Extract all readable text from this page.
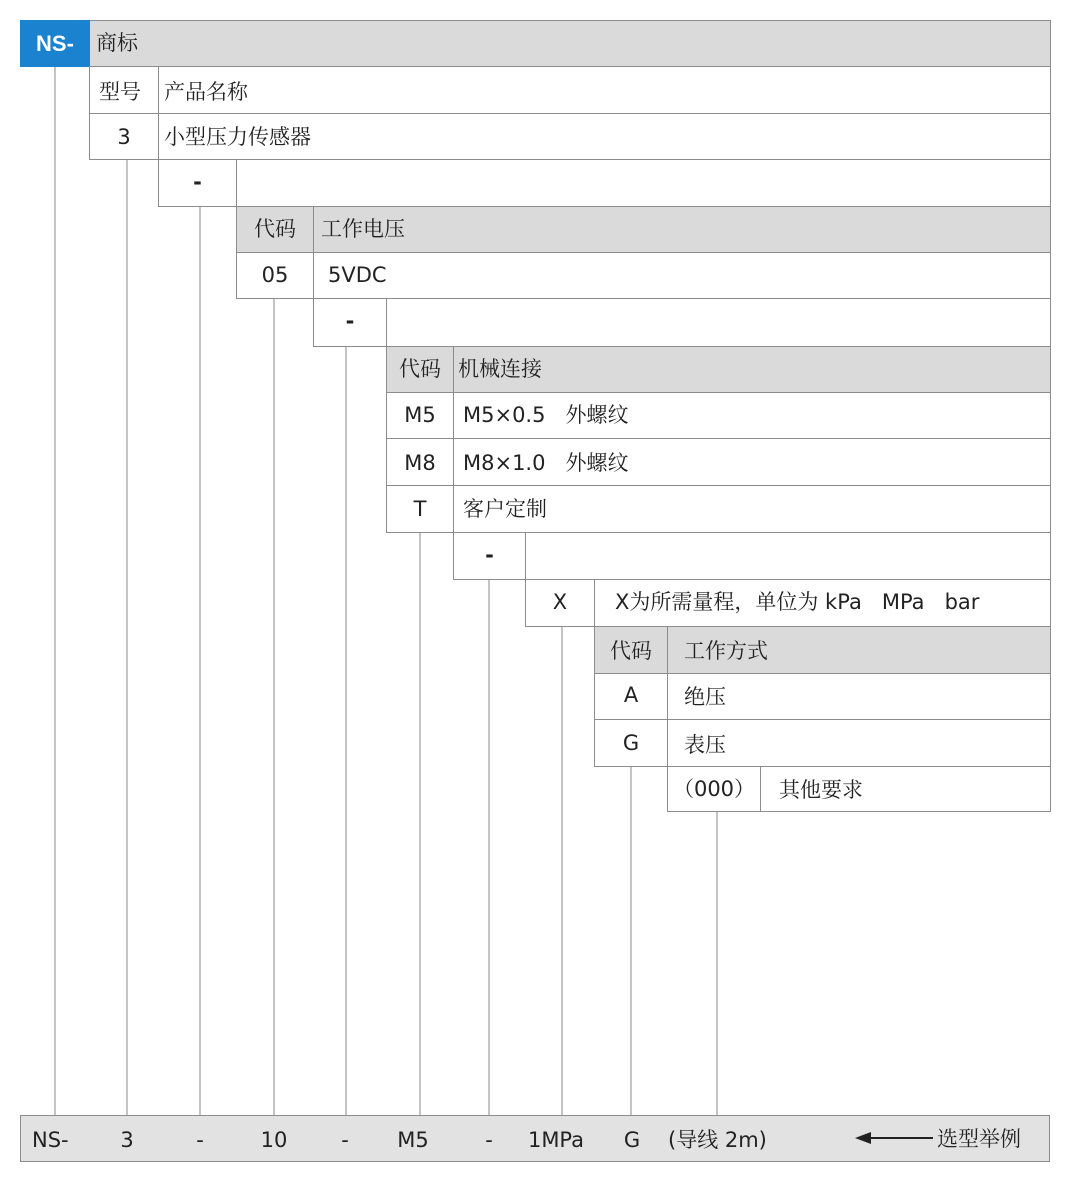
NS- 商标
型号 产品名称
3	小型压力传感器
-
代码	工作电压
05	5VDC
-
代码 机械连接
M5	M5×0.5   外螺纹
M8	M8×1.0   外螺纹
T	客户定制
-
X	X为所需量程，单位为 kPa   MPa   bar
代码	工作方式
A	绝压
G	表压
（000） 其他要求
NS-	3	-	10	-	M5	-	1MPa	G	(导线 2m)	选型举例
